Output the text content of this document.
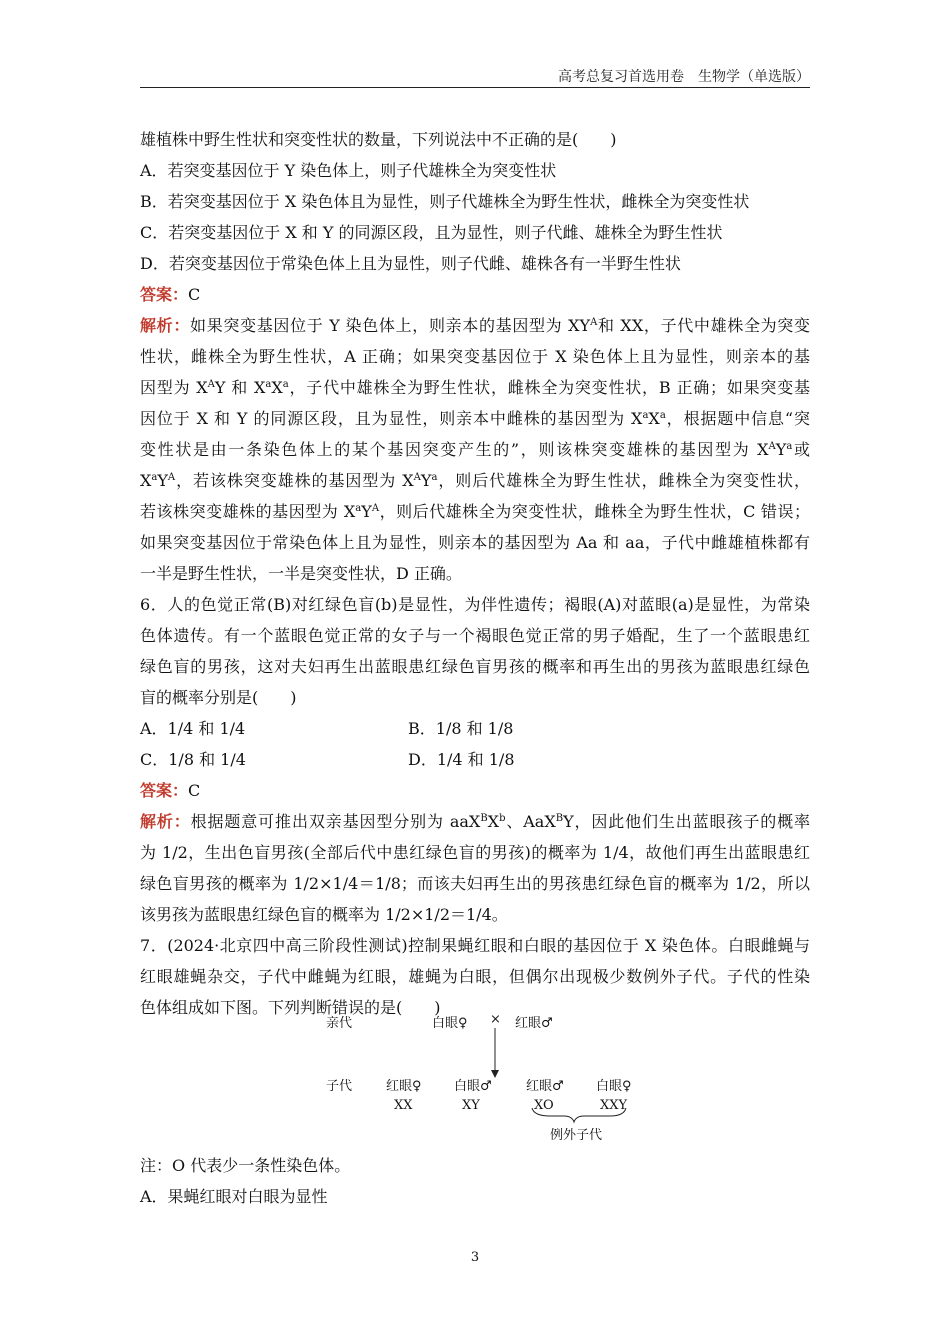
高考总复习首选用卷　生物学（单选版）
雄植株中野生性状和突变性状的数量，下列说法中不正确的是(　　)
A．若突变基因位于 Y 染色体上，则子代雄株全为突变性状
B．若突变基因位于 X 染色体且为显性，则子代雄株全为野生性状，雌株全为突变性状
C．若突变基因位于 X 和 Y 的同源区段，且为显性，则子代雌、雄株全为野生性状
D．若突变基因位于常染色体上且为显性，则子代雌、雄株各有一半野生性状
答案：C
解析：如果突变基因位于 Y 染色体上，则亲本的基因型为 $XY^A$和 XX，子代中雄株全为突变
性状，雌株全为野生性状，A 正确；如果突变基因位于 X 染色体上且为显性，则亲本的基
因型为 $X^AY$ 和 $X^aX^a$，子代中雄株全为野生性状，雌株全为突变性状，B 正确；如果突变基
因位于 X 和 Y 的同源区段，且为显性，则亲本中雌株的基因型为 $X^aX^a$，根据题中信息“突
变性状是由一条染色体上的某个基因突变产生的”，则该株突变雄株的基因型为 $X^AY^a$或
$X^aY^A$，若该株突变雄株的基因型为 $X^AY^a$，则后代雄株全为野生性状，雌株全为突变性状，
若该株突变雄株的基因型为 $X^aY^A$，则后代雄株全为突变性状，雌株全为野生性状，C 错误；
如果突变基因位于常染色体上且为显性，则亲本的基因型为 Aa 和 aa，子代中雌雄植株都有
一半是野生性状，一半是突变性状，D 正确。
6．人的色觉正常(B)对红绿色盲(b)是显性，为伴性遗传；褐眼(A)对蓝眼(a)是显性，为常染
色体遗传。有一个蓝眼色觉正常的女子与一个褐眼色觉正常的男子婚配，生了一个蓝眼患红
绿色盲的男孩，这对夫妇再生出蓝眼患红绿色盲男孩的概率和再生出的男孩为蓝眼患红绿色
盲的概率分别是(　　)
A．1/4 和 1/4	B．1/8 和 1/8
C．1/8 和 1/4	D．1/4 和 1/8
答案：C
解析：根据题意可推出双亲基因型分别为 $aaX^BX^b$、AaX$^B$Y，因此他们生出蓝眼孩子的概率
为 1/2，生出色盲男孩(全部后代中患红绿色盲的男孩)的概率为 1/4，故他们再生出蓝眼患红
绿色盲男孩的概率为 1/2×1/4＝1/8；而该夫妇再生出的男孩患红绿色盲的概率为 1/2，所以
该男孩为蓝眼患红绿色盲的概率为 1/2×1/2＝1/4。
7．(2024·北京四中高三阶段性测试)控制果蝇红眼和白眼的基因位于 X 染色体。白眼雌蝇与
红眼雄蝇杂交，子代中雌蝇为红眼，雄蝇为白眼，但偶尔出现极少数例外子代。子代的性染
色体组成如下图。下列判断错误的是(　　)
亲代	白眼♀ × 红眼♂
子代	红眼♀
XX
白眼♂
XY
红眼♂
XO
白眼♀
XXY
例外子代
注：O 代表少一条性染色体。
A．果蝇红眼对白眼为显性
3
